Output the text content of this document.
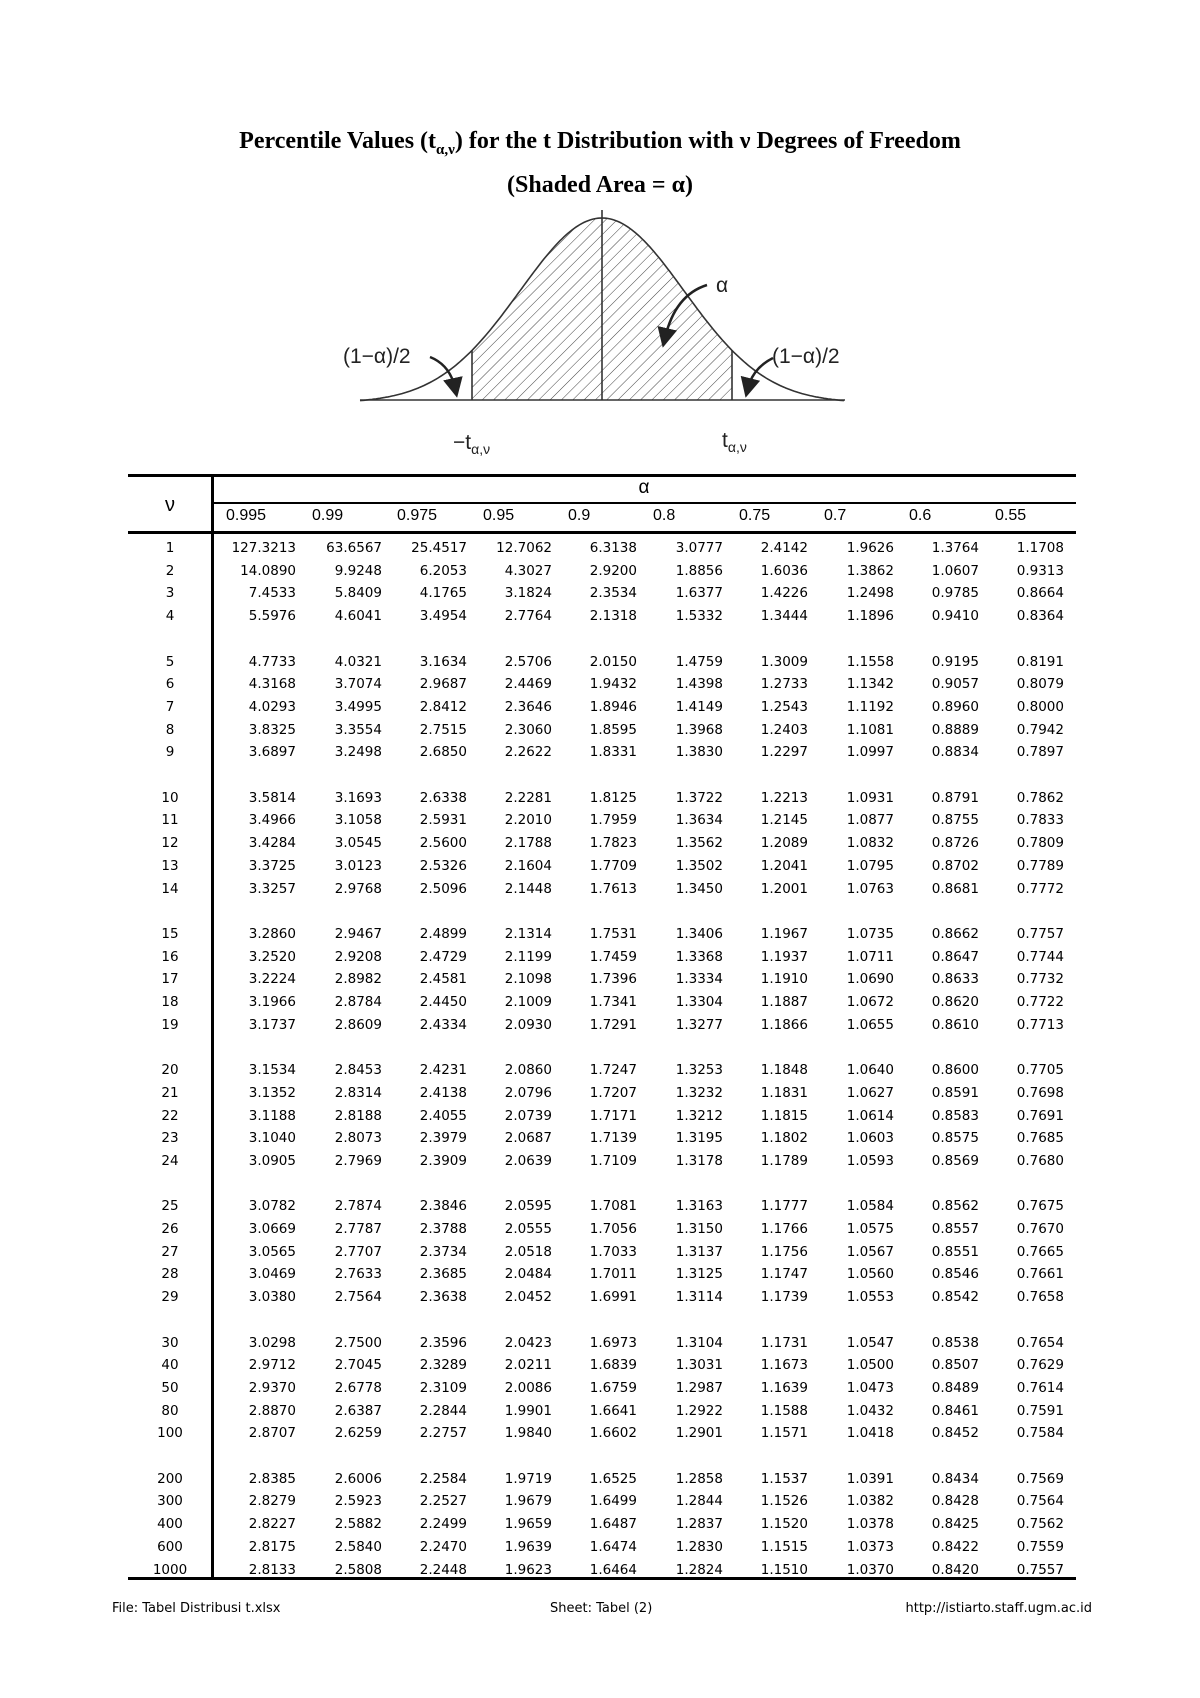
Percentile Values $(t_{\alpha,\nu})$ for the t Distribution with ν Degrees of Freedom
(Shaded Area = α)
α
(1−α)/2	(1−α)/2
$-t_{\alpha,\nu}$	$t_{\alpha,\nu}$
α
ν	0.995	0.99	0.975	0.95	0.9	0.8	0.75	0.7	0.6	0.55
1	127.3213	63.6567	25.4517	12.7062	6.3138	3.0777	2.4142	1.9626	1.3764	1.1708
2	14.0890	9.9248	6.2053	4.3027	2.9200	1.8856	1.6036	1.3862	1.0607	0.9313
3	7.4533	5.8409	4.1765	3.1824	2.3534	1.6377	1.4226	1.2498	0.9785	0.8664
4	5.5976	4.6041	3.4954	2.7764	2.1318	1.5332	1.3444	1.1896	0.9410	0.8364
5	4.7733	4.0321	3.1634	2.5706	2.0150	1.4759	1.3009	1.1558	0.9195	0.8191
6	4.3168	3.7074	2.9687	2.4469	1.9432	1.4398	1.2733	1.1342	0.9057	0.8079
7	4.0293	3.4995	2.8412	2.3646	1.8946	1.4149	1.2543	1.1192	0.8960	0.8000
8	3.8325	3.3554	2.7515	2.3060	1.8595	1.3968	1.2403	1.1081	0.8889	0.7942
9	3.6897	3.2498	2.6850	2.2622	1.8331	1.3830	1.2297	1.0997	0.8834	0.7897
10	3.5814	3.1693	2.6338	2.2281	1.8125	1.3722	1.2213	1.0931	0.8791	0.7862
11	3.4966	3.1058	2.5931	2.2010	1.7959	1.3634	1.2145	1.0877	0.8755	0.7833
12	3.4284	3.0545	2.5600	2.1788	1.7823	1.3562	1.2089	1.0832	0.8726	0.7809
13	3.3725	3.0123	2.5326	2.1604	1.7709	1.3502	1.2041	1.0795	0.8702	0.7789
14	3.3257	2.9768	2.5096	2.1448	1.7613	1.3450	1.2001	1.0763	0.8681	0.7772
15	3.2860	2.9467	2.4899	2.1314	1.7531	1.3406	1.1967	1.0735	0.8662	0.7757
16	3.2520	2.9208	2.4729	2.1199	1.7459	1.3368	1.1937	1.0711	0.8647	0.7744
17	3.2224	2.8982	2.4581	2.1098	1.7396	1.3334	1.1910	1.0690	0.8633	0.7732
18	3.1966	2.8784	2.4450	2.1009	1.7341	1.3304	1.1887	1.0672	0.8620	0.7722
19	3.1737	2.8609	2.4334	2.0930	1.7291	1.3277	1.1866	1.0655	0.8610	0.7713
20	3.1534	2.8453	2.4231	2.0860	1.7247	1.3253	1.1848	1.0640	0.8600	0.7705
21	3.1352	2.8314	2.4138	2.0796	1.7207	1.3232	1.1831	1.0627	0.8591	0.7698
22	3.1188	2.8188	2.4055	2.0739	1.7171	1.3212	1.1815	1.0614	0.8583	0.7691
23	3.1040	2.8073	2.3979	2.0687	1.7139	1.3195	1.1802	1.0603	0.8575	0.7685
24	3.0905	2.7969	2.3909	2.0639	1.7109	1.3178	1.1789	1.0593	0.8569	0.7680
25	3.0782	2.7874	2.3846	2.0595	1.7081	1.3163	1.1777	1.0584	0.8562	0.7675
26	3.0669	2.7787	2.3788	2.0555	1.7056	1.3150	1.1766	1.0575	0.8557	0.7670
27	3.0565	2.7707	2.3734	2.0518	1.7033	1.3137	1.1756	1.0567	0.8551	0.7665
28	3.0469	2.7633	2.3685	2.0484	1.7011	1.3125	1.1747	1.0560	0.8546	0.7661
29	3.0380	2.7564	2.3638	2.0452	1.6991	1.3114	1.1739	1.0553	0.8542	0.7658
30	3.0298	2.7500	2.3596	2.0423	1.6973	1.3104	1.1731	1.0547	0.8538	0.7654
40	2.9712	2.7045	2.3289	2.0211	1.6839	1.3031	1.1673	1.0500	0.8507	0.7629
50	2.9370	2.6778	2.3109	2.0086	1.6759	1.2987	1.1639	1.0473	0.8489	0.7614
80	2.8870	2.6387	2.2844	1.9901	1.6641	1.2922	1.1588	1.0432	0.8461	0.7591
100	2.8707	2.6259	2.2757	1.9840	1.6602	1.2901	1.1571	1.0418	0.8452	0.7584
200	2.8385	2.6006	2.2584	1.9719	1.6525	1.2858	1.1537	1.0391	0.8434	0.7569
300	2.8279	2.5923	2.2527	1.9679	1.6499	1.2844	1.1526	1.0382	0.8428	0.7564
400	2.8227	2.5882	2.2499	1.9659	1.6487	1.2837	1.1520	1.0378	0.8425	0.7562
600	2.8175	2.5840	2.2470	1.9639	1.6474	1.2830	1.1515	1.0373	0.8422	0.7559
1000	2.8133	2.5808	2.2448	1.9623	1.6464	1.2824	1.1510	1.0370	0.8420	0.7557
File: Tabel Distribusi t.xlsx	Sheet: Tabel (2)	http://istiarto.staff.ugm.ac.id
